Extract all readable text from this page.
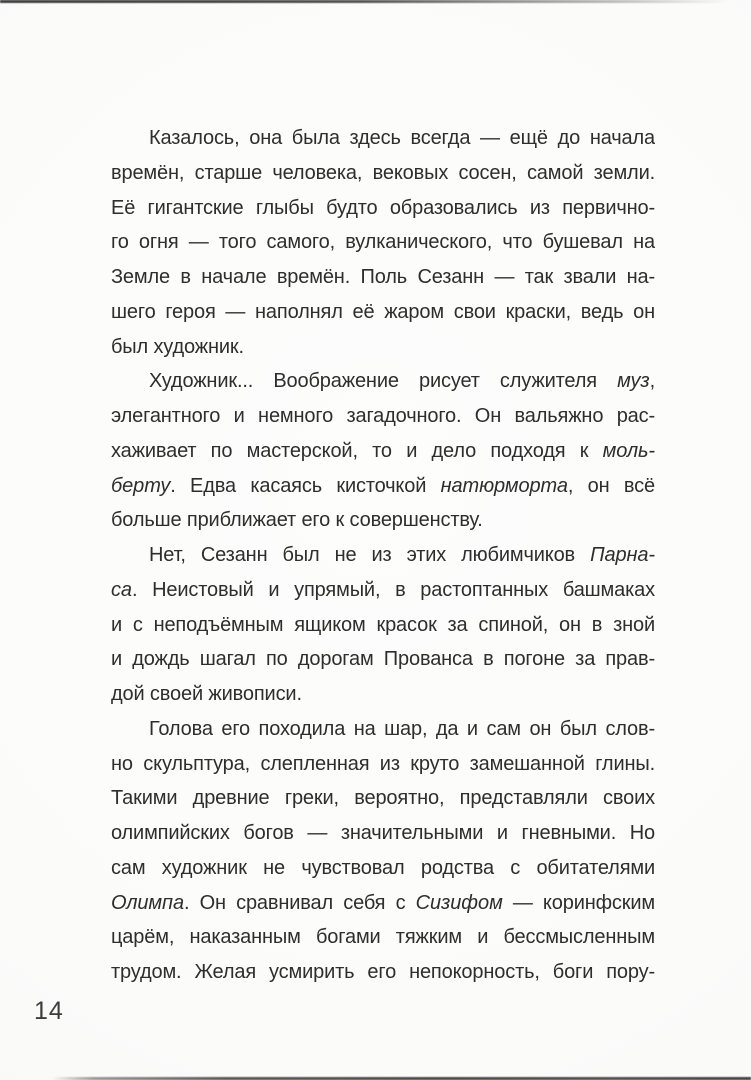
Казалось, она была здесь всегда — ещё до начала
времён, старше человека, вековых сосен, самой земли.
Её гигантские глыбы будто образовались из первично-
го огня — того самого, вулканического, что бушевал на
Земле в начале времён. Поль Сезанн — так звали на-
шего героя — наполнял её жаром свои краски, ведь он
был художник.
Художник... Воображение рисует служителя муз,
элегантного и немного загадочного. Он вальяжно рас-
хаживает по мастерской, то и дело подходя к моль-
берту. Едва касаясь кисточкой натюрморта, он всё
больше приближает его к совершенству.
Нет, Сезанн был не из этих любимчиков Парна-
са. Неистовый и упрямый, в растоптанных башмаках
и с неподъёмным ящиком красок за спиной, он в зной
и дождь шагал по дорогам Прованса в погоне за прав-
дой своей живописи.
Голова его походила на шар, да и сам он был слов-
но скульптура, слепленная из круто замешанной глины.
Такими древние греки, вероятно, представляли своих
олимпийских богов — значительными и гневными. Но
сам художник не чувствовал родства с обитателями
Олимпа. Он сравнивал себя с Сизифом — коринфским
царём, наказанным богами тяжким и бессмысленным
трудом. Желая усмирить его непокорность, боги пору-
14
